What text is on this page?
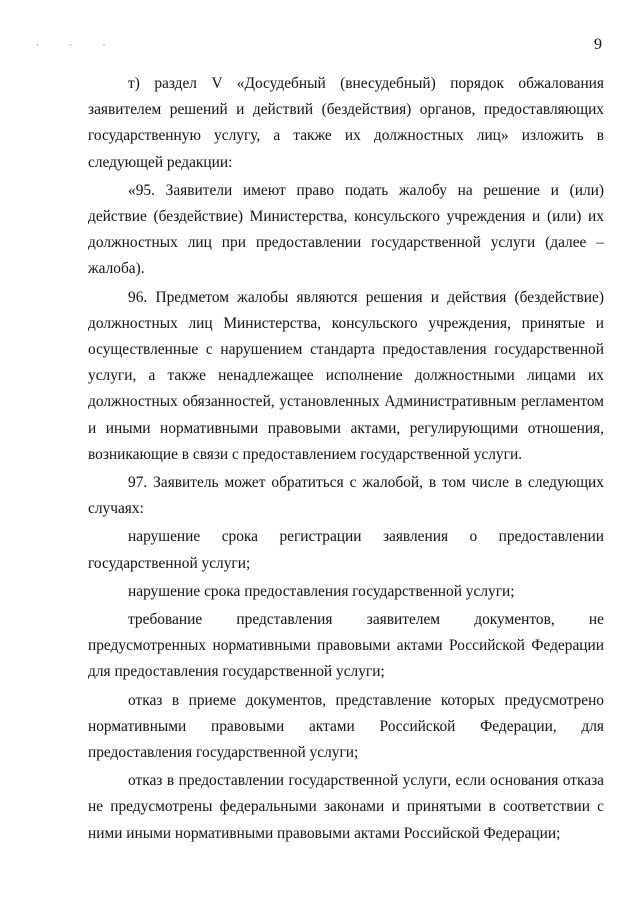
· · ·	9

т) раздел V «Досудебный (внесудебный) порядок обжалования заявителем решений и действий (бездействия) органов, предоставляющих государственную услугу, а также их должностных лиц» изложить в следующей редакции:

«95. Заявители имеют право подать жалобу на решение и (или) действие (бездействие) Министерства, консульского учреждения и (или) их должностных лиц при предоставлении государственной услуги (далее – жалоба).

96. Предметом жалобы являются решения и действия (бездействие) должностных лиц Министерства, консульского учреждения, принятые и осуществленные с нарушением стандарта предоставления государственной услуги, а также ненадлежащее исполнение должностными лицами их должностных обязанностей, установленных Административным регламентом и иными нормативными правовыми актами, регулирующими отношения, возникающие в связи с предоставлением государственной услуги.

97. Заявитель может обратиться с жалобой, в том числе в следующих случаях:

нарушение срока регистрации заявления о предоставлении государственной услуги;

нарушение срока предоставления государственной услуги;

требование представления заявителем документов, не предусмотренных нормативными правовыми актами Российской Федерации для предоставления государственной услуги;

отказ в приеме документов, представление которых предусмотрено нормативными правовыми актами Российской Федерации, для предоставления государственной услуги;

отказ в предоставлении государственной услуги, если основания отказа не предусмотрены федеральными законами и принятыми в соответствии с ними иными нормативными правовыми актами Российской Федерации;
